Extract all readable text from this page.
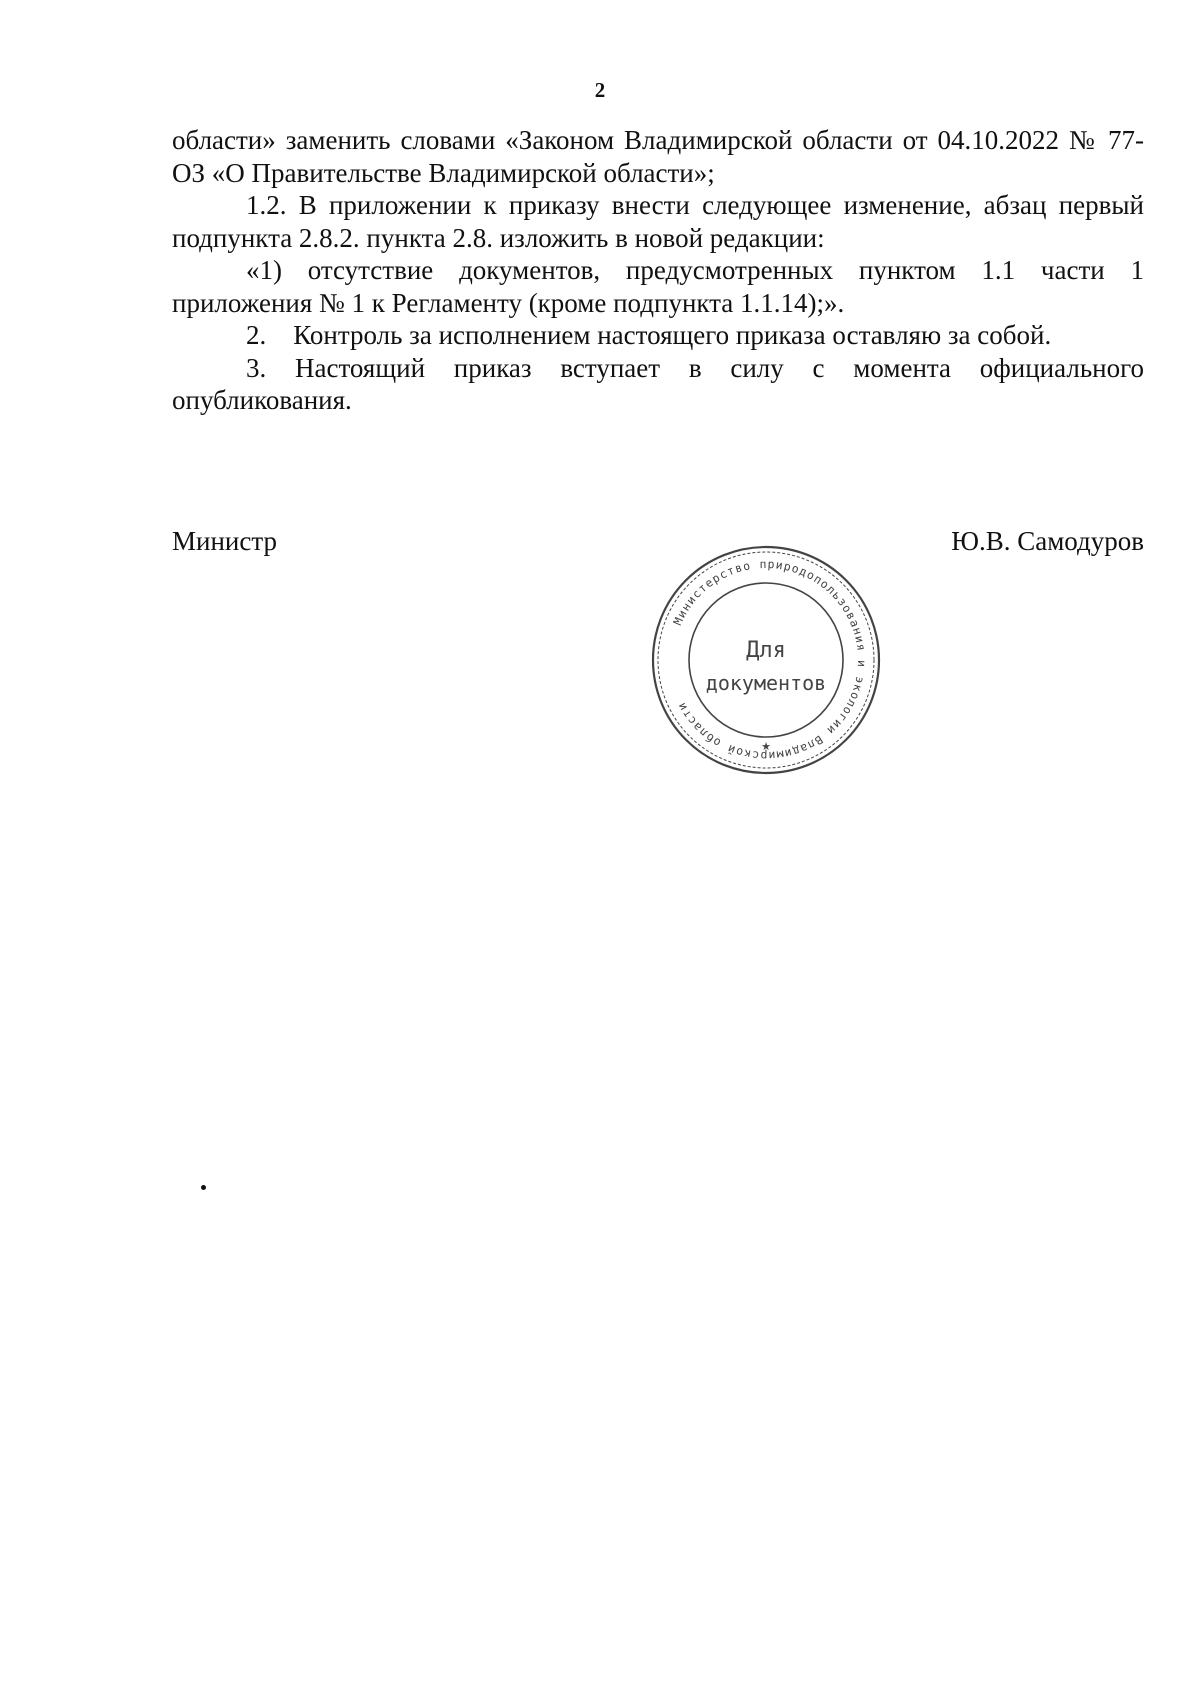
2

области» заменить словами «Законом Владимирской области от 04.10.2022 № 77-ОЗ «О Правительстве Владимирской области»;

1.2. В приложении к приказу внести следующее изменение, абзац первый подпункта 2.8.2. пункта 2.8. изложить в новой редакции:

«1) отсутствие документов, предусмотренных пунктом 1.1 части 1 приложения № 1 к Регламенту (кроме подпункта 1.1.14);».

2. Контроль за исполнением настоящего приказа оставляю за собой.

3. Настоящий приказ вступает в силу с момента официального опубликования.

Министр	Ю.В. Самодуров
Министерство природопользования и экологии Владимирской области
Для
документов
★
